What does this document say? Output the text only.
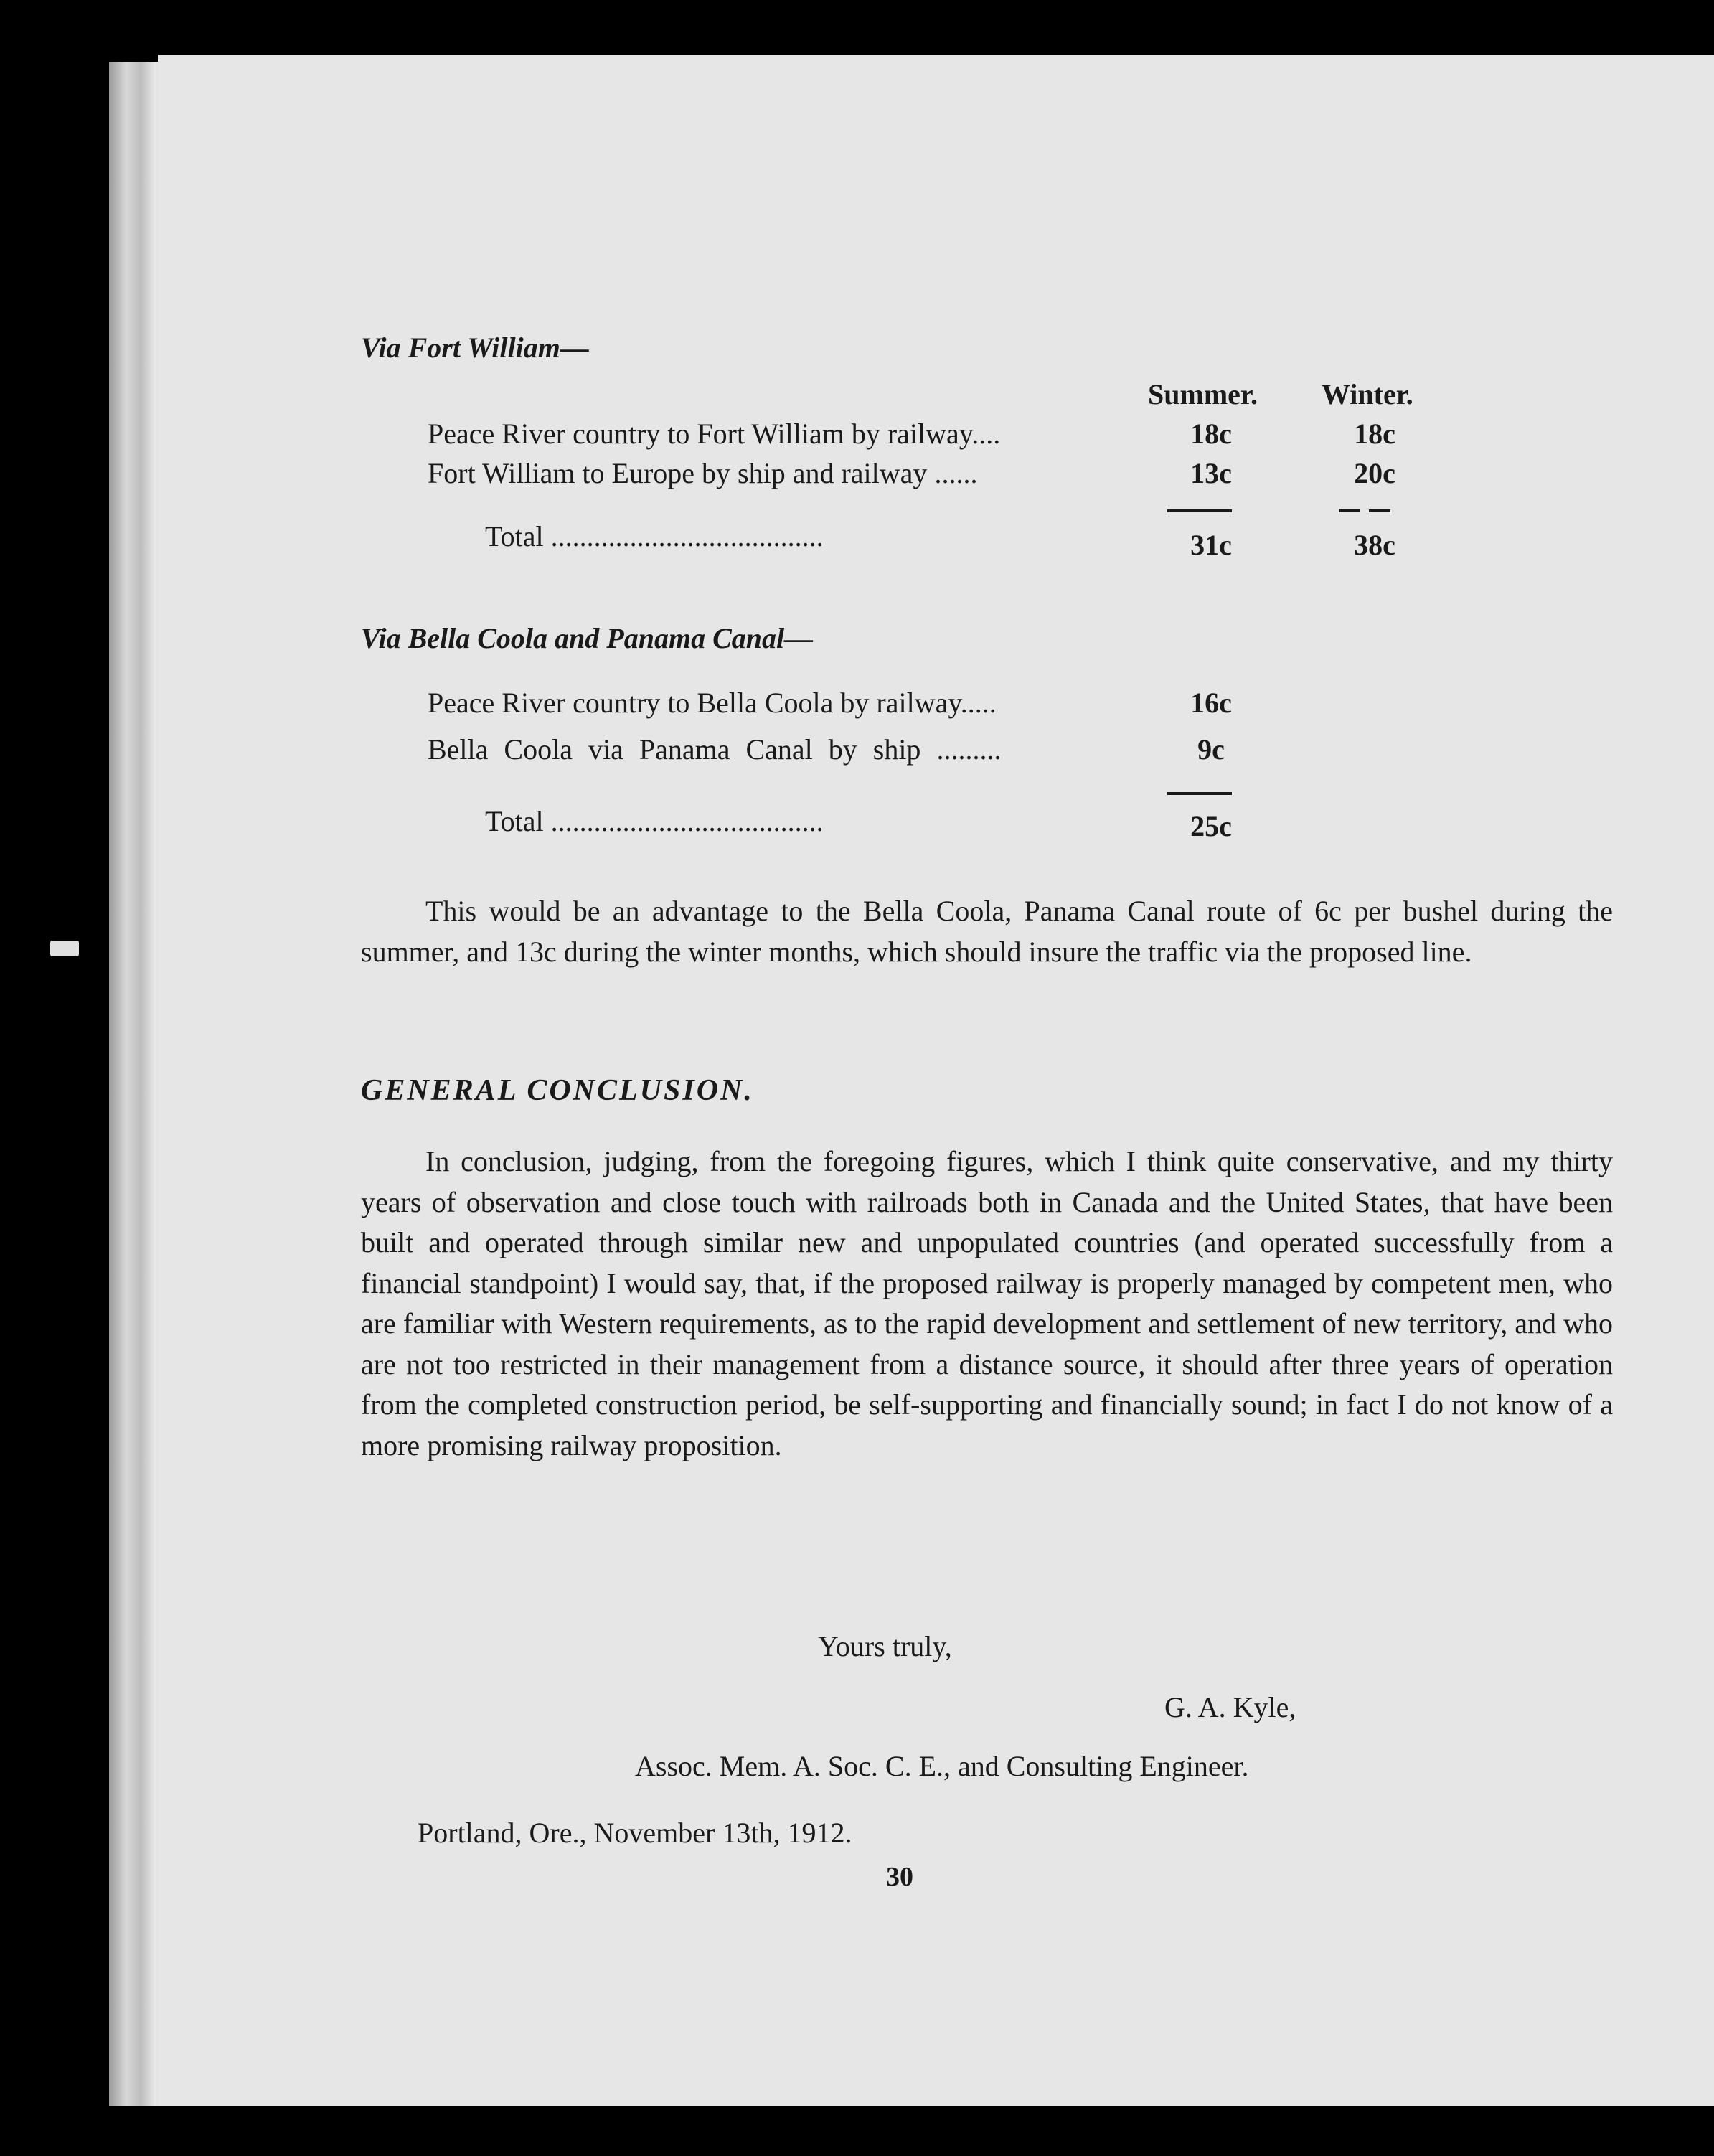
Via Fort William—
Summer. Winter.
Peace River country to Fort William by railway....	18c	18c
Fort William to Europe by ship and railway ......	13c	20c
Total ......................................	31c	38c
Via Bella Coola and Panama Canal—
Peace River country to Bella Coola by railway.....	16c
Bella Coola via Panama Canal by ship .........	9c
Total ......................................	25c

This would be an advantage to the Bella Coola, Panama Canal route of 6c per bushel during the summer, and 13c during the winter months, which should insure the traffic via the proposed line.

GENERAL CONCLUSION.

In conclusion, judging, from the foregoing figures, which I think quite conservative, and my thirty years of observation and close touch with railroads both in Canada and the United States, that have been built and operated through similar new and unpopulated countries (and operated successfully from a financial standpoint) I would say, that, if the proposed railway is properly managed by competent men, who are familiar with Western requirements, as to the rapid development and settlement of new territory, and who are not too restricted in their management from a distance source, it should after three years of operation from the completed construction period, be self-supporting and financially sound; in fact I do not know of a more promising railway proposition.

Yours truly,
G. A. Kyle,
Assoc. Mem. A. Soc. C. E., and Consulting Engineer.
Portland, Ore., November 13th, 1912.
30
